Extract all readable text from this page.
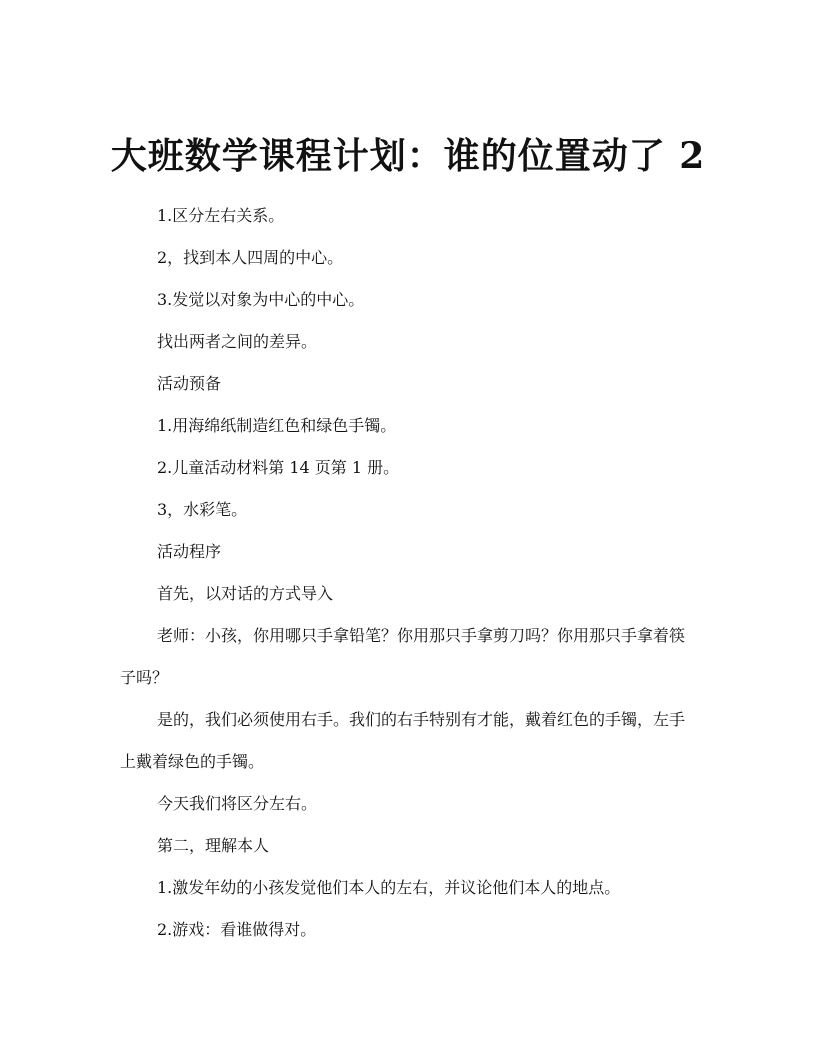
大班数学课程计划：谁的位置动了 2

1.区分左右关系。

2，找到本人四周的中心。

3.发觉以对象为中心的中心。

找出两者之间的差异。

活动预备

1.用海绵纸制造红色和绿色手镯。

2.儿童活动材料第 14 页第 1 册。

3，水彩笔。

活动程序

首先，以对话的方式导入

老师：小孩，你用哪只手拿铅笔？你用那只手拿剪刀吗？你用那只手拿着筷子吗？

是的，我们必须使用右手。我们的右手特别有才能，戴着红色的手镯，左手上戴着绿色的手镯。

今天我们将区分左右。

第二，理解本人

1.激发年幼的小孩发觉他们本人的左右，并议论他们本人的地点。

2.游戏：看谁做得对。
